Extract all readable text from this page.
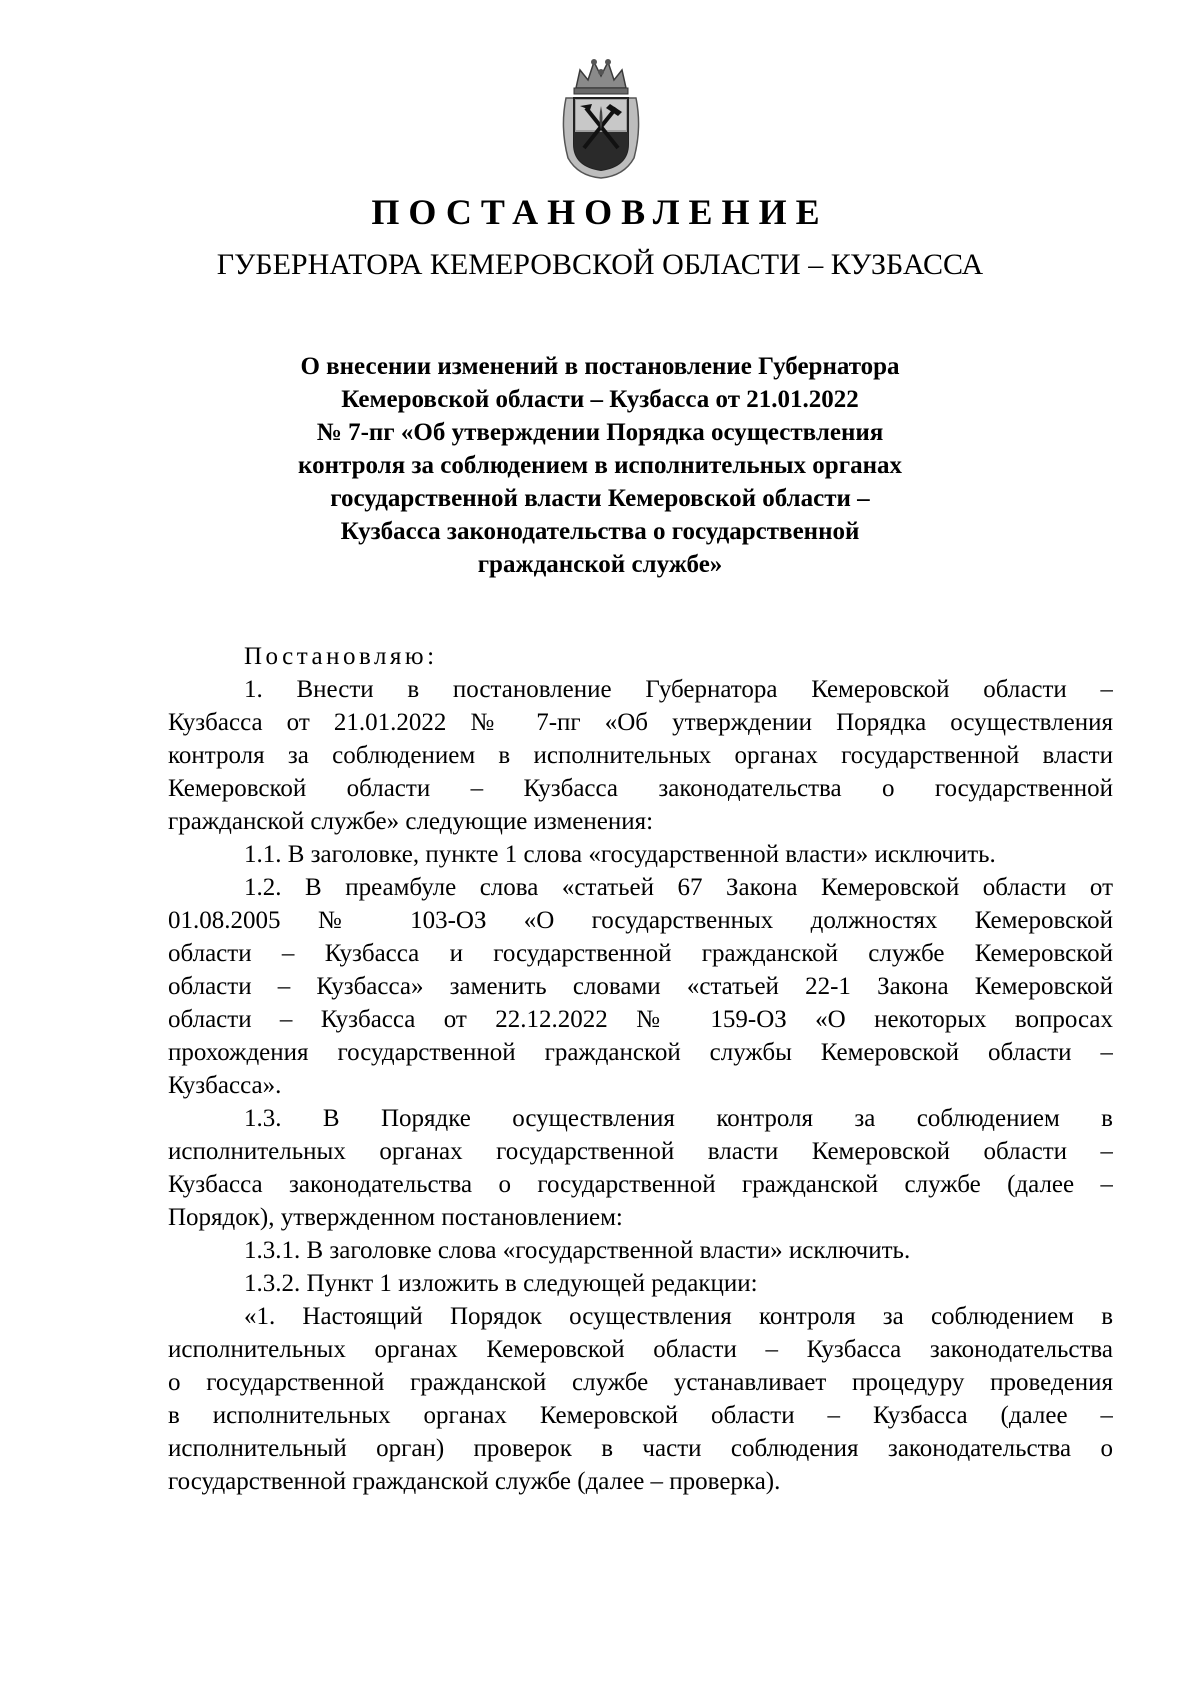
ПОСТАНОВЛЕНИЕ
ГУБЕРНАТОРА КЕМЕРОВСКОЙ ОБЛАСТИ – КУЗБАССА
О внесении изменений в постановление Губернатора
Кемеровской области – Кузбасса от 21.01.2022
№ 7-пг «Об утверждении Порядка осуществления
контроля за соблюдением в исполнительных органах
государственной власти Кемеровской области –
Кузбасса законодательства о государственной
гражданской службе»
Постановляю:
1. Внести в постановление Губернатора Кемеровской области –
Кузбасса от 21.01.2022 № 7-пг «Об утверждении Порядка осуществления
контроля за соблюдением в исполнительных органах государственной власти
Кемеровской области – Кузбасса законодательства о государственной
гражданской службе» следующие изменения:
1.1. В заголовке, пункте 1 слова «государственной власти» исключить.
1.2. В преамбуле слова «статьей 67 Закона Кемеровской области от
01.08.2005 № 103-ОЗ «О государственных должностях Кемеровской
области – Кузбасса и государственной гражданской службе Кемеровской
области – Кузбасса» заменить словами «статьей 22-1 Закона Кемеровской
области – Кузбасса от 22.12.2022 № 159-ОЗ «О некоторых вопросах
прохождения государственной гражданской службы Кемеровской области –
Кузбасса».
1.3. В Порядке осуществления контроля за соблюдением в
исполнительных органах государственной власти Кемеровской области –
Кузбасса законодательства о государственной гражданской службе (далее –
Порядок), утвержденном постановлением:
1.3.1. В заголовке слова «государственной власти» исключить.
1.3.2. Пункт 1 изложить в следующей редакции:
«1. Настоящий Порядок осуществления контроля за соблюдением в
исполнительных органах Кемеровской области – Кузбасса законодательства
о государственной гражданской службе устанавливает процедуру проведения
в исполнительных органах Кемеровской области – Кузбасса (далее –
исполнительный орган) проверок в части соблюдения законодательства о
государственной гражданской службе (далее – проверка).
